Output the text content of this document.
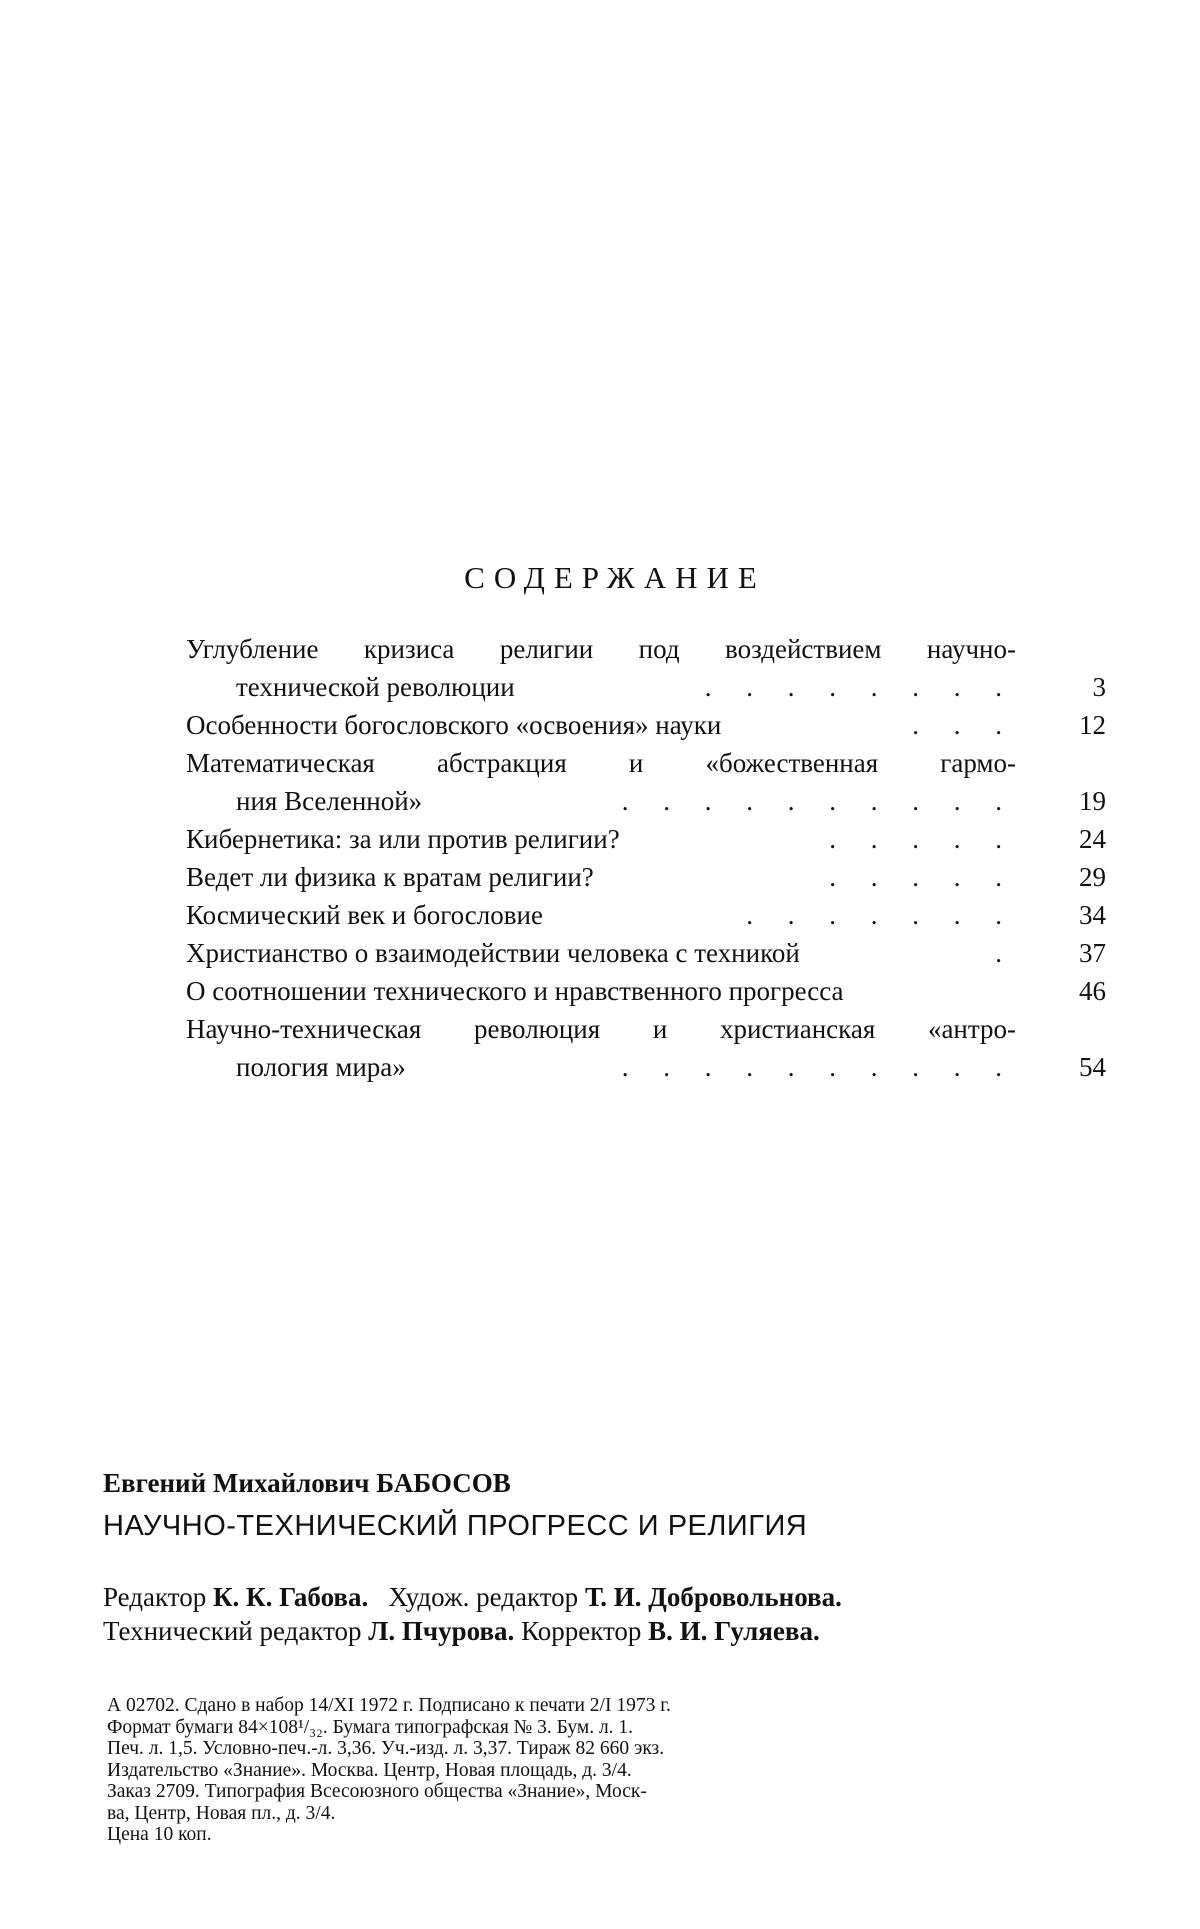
СОДЕРЖАНИЕ
Углубление кризиса религии под воздействием научно-
технической революции	. . . . . . . .	3
Особенности богословского «освоения» науки	. . .	12
Математическая абстракция и «божественная гармо-
ния Вселенной»	. . . . . . . . . .	19
Кибернетика: за или против религии?	. . . . .	24
Ведет ли физика к вратам религии?	. . . . .	29
Космический век и богословие	. . . . . . .	34
Христианство о взаимодействии человека с техникой	.	37
О соотношении технического и нравственного прогресса	46
Научно-техническая революция и христианская «антро-
пология мира»	. . . . . . . . . .	54
Евгений Михайлович БАБОСОВ
НАУЧНО-ТЕХНИЧЕСКИЙ ПРОГРЕСС И РЕЛИГИЯ
Редактор К. К. Габова. Худож. редактор Т. И. Добровольнова.
Технический редактор Л. Пчурова. Корректор В. И. Гуляева.
А 02702. Сдано в набор 14/XI 1972 г. Подписано к печати 2/I 1973 г.
Формат бумаги 84×108¹/₃₂. Бумага типографская № 3. Бум. л. 1.
Печ. л. 1,5. Условно-печ.-л. 3,36. Уч.-изд. л. 3,37. Тираж 82 660 экз.
Издательство «Знание». Москва. Центр, Новая площадь, д. 3/4.
Заказ 2709. Типография Всесоюзного общества «Знание», Моск-
ва, Центр, Новая пл., д. 3/4.
Цена 10 коп.
